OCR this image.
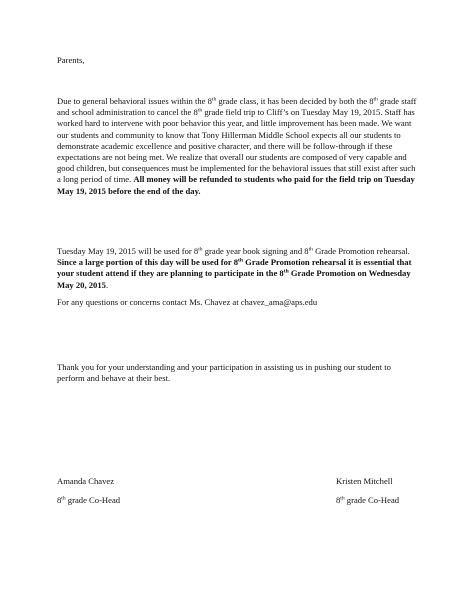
Parents,

Due to general behavioral issues within the 8th grade class, it has been decided by both the 8th grade staff and school administration to cancel the 8th grade field trip to Cliff’s on Tuesday May 19, 2015. Staff has worked hard to intervene with poor behavior this year, and little improvement has been made. We want our students and community to know that Tony Hillerman Middle School expects all our students to demonstrate academic excellence and positive character, and there will be follow-through if these expectations are not being met. We realize that overall our students are composed of very capable and good children, but consequences must be implemented for the behavioral issues that still exist after such a long period of time. All money will be refunded to students who paid for the field trip on Tuesday May 19, 2015 before the end of the day.

Tuesday May 19, 2015 will be used for 8th grade year book signing and 8th Grade Promotion rehearsal. Since a large portion of this day will be used for 8th Grade Promotion rehearsal it is essential that your student attend if they are planning to participate in the 8th Grade Promotion on Wednesday May 20, 2015.

For any questions or concerns contact Ms. Chavez at chavez_ama@aps.edu

Thank you for your understanding and your participation in assisting us in pushing our student to perform and behave at their best.

Amanda Chavez

8th grade Co-Head

Kristen Mitchell

8th grade Co-Head
